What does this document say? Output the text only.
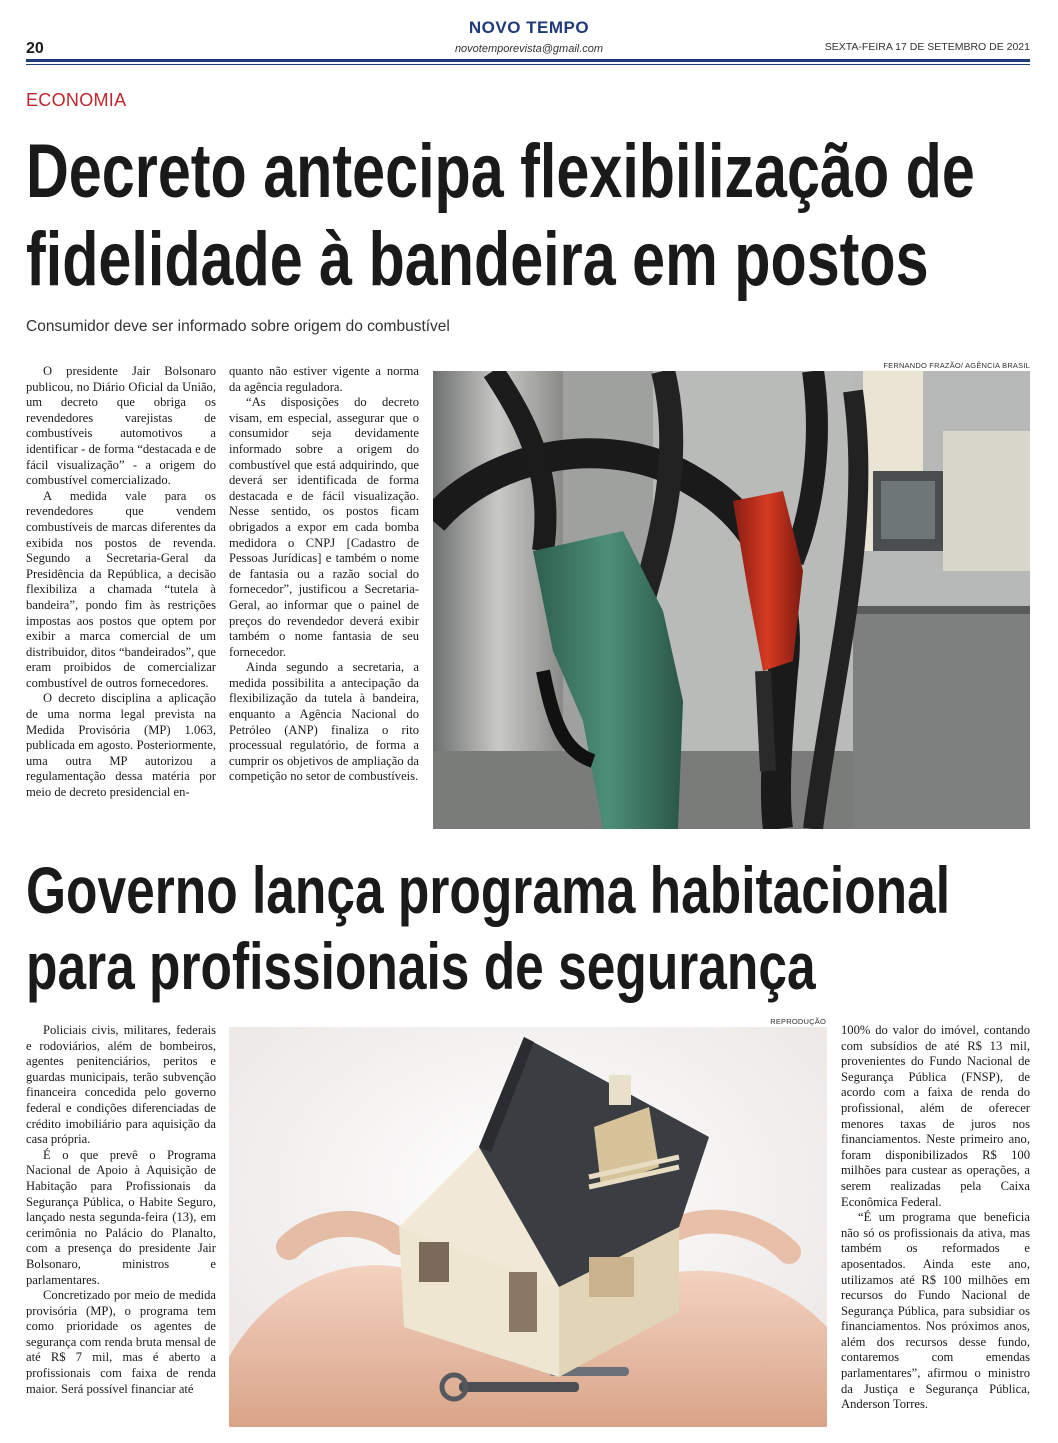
NOVO TEMPO
novotemporevista@gmail.com
20	SEXTA-FEIRA 17 DE SETEMBRO DE 2021
ECONOMIA
Decreto antecipa flexibilização de
fidelidade à bandeira em postos
Consumidor deve ser informado sobre origem do combustível

O presidente Jair Bolsonaro publicou, no Diário Oficial da União, um decreto que obriga os revendedores varejistas de combustíveis automotivos a identificar - de forma “destacada e de fácil visualização” - a origem do combustível comercializado.

A medida vale para os revendedores que vendem combustíveis de marcas diferentes da exibida nos postos de revenda. Segundo a Secretaria-Geral da Presidência da República, a decisão flexibiliza a chamada “tutela à bandeira”, pondo fim às restrições impostas aos postos que optem por exibir a marca comercial de um distribuidor, ditos “bandeirados”, que eram proibidos de comercializar combustível de outros fornecedores.

O decreto disciplina a aplicação de uma norma legal prevista na Medida Provisória (MP) 1.063, publicada em agosto. Posteriormente, uma outra MP autorizou a regulamentação dessa matéria por meio de decreto presidencial en-

quanto não estiver vigente a norma da agência reguladora.

“As disposições do decreto visam, em especial, assegurar que o consumidor seja devidamente informado sobre a origem do combustível que está adquirindo, que deverá ser identificada de forma destacada e de fácil visualização. Nesse sentido, os postos ficam obrigados a expor em cada bomba medidora o CNPJ [Cadastro de Pessoas Jurídicas] e também o nome de fantasia ou a razão social do fornecedor”, justificou a Secretaria-Geral, ao informar que o painel de preços do revendedor deverá exibir também o nome fantasia de seu fornecedor.

Ainda segundo a secretaria, a medida possibilita a antecipação da flexibilização da tutela à bandeira, enquanto a Agência Nacional do Petróleo (ANP) finaliza o rito processual regulatório, de forma a cumprir os objetivos de ampliação da competição no setor de combustíveis.

FERNANDO FRAZÃO/ AGÊNCIA BRASIL
Governo lança programa habitacional
para profissionais de segurança
REPRODUÇÃO

Policiais civis, militares, federais e rodoviários, além de bombeiros, agentes penitenciários, peritos e guardas municipais, terão subvenção financeira concedida pelo governo federal e condições diferenciadas de crédito imobiliário para aquisição da casa própria.

É o que prevê o Programa Nacional de Apoio à Aquisição de Habitação para Profissionais da Segurança Pública, o Habite Seguro, lançado nesta segunda-feira (13), em cerimônia no Palácio do Planalto, com a presença do presidente Jair Bolsonaro, ministros e parlamentares.

Concretizado por meio de medida provisória (MP), o programa tem como prioridade os agentes de segurança com renda bruta mensal de até R$ 7 mil, mas é aberto a profissionais com faixa de renda maior. Será possível financiar até

100% do valor do imóvel, contando com subsídios de até R$ 13 mil, provenientes do Fundo Nacional de Segurança Pública (FNSP), de acordo com a faixa de renda do profissional, além de oferecer menores taxas de juros nos financiamentos. Neste primeiro ano, foram disponibilizados R$ 100 milhões para custear as operações, a serem realizadas pela Caixa Econômica Federal.

“É um programa que beneficia não só os profissionais da ativa, mas também os reformados e aposentados. Ainda este ano, utilizamos até R$ 100 milhões em recursos do Fundo Nacional de Segurança Pública, para subsidiar os financiamentos. Nos próximos anos, além dos recursos desse fundo, contaremos com emendas parlamentares”, afirmou o ministro da Justiça e Segurança Pública, Anderson Torres.
